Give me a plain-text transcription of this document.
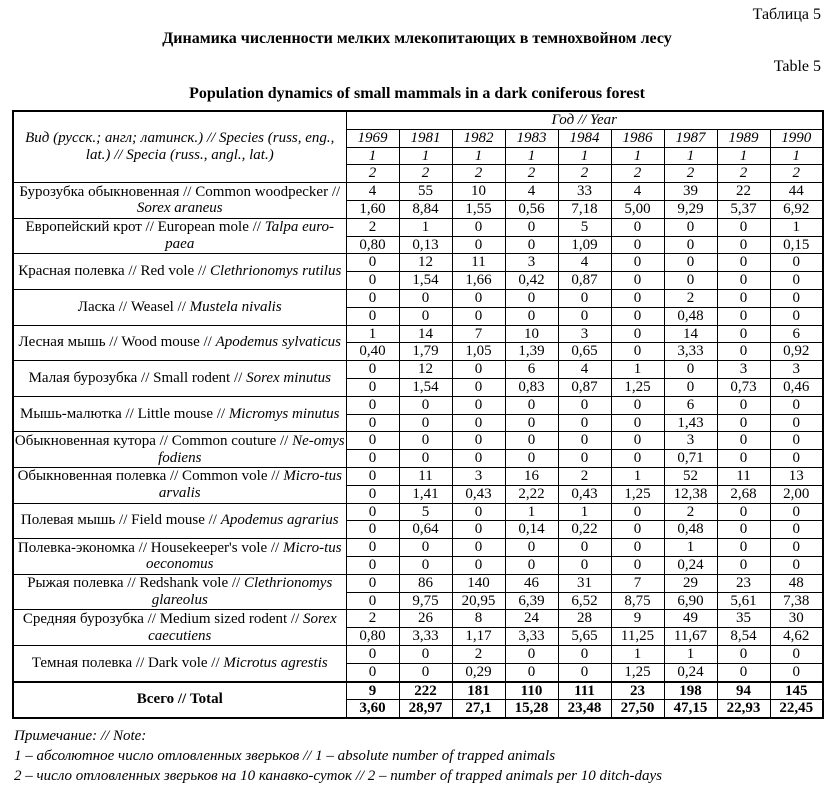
Таблица 5
Динамика численности мелких млекопитающих в темнохвойном лесу
Table 5
Population dynamics of small mammals in a dark coniferous forest
Вид (русск.; англ; латинск.) // Species (russ, eng., lat.) // Specia (russ., angl., lat.)	Год // Year								
	1969	1981	1982	1983	1984	1986	1987	1989	1990
	1	1	1	1	1	1	1	1	1
	2	2	2	2	2	2	2	2	2
Бурозубка обыкновенная // Common woodpecker // Sorex araneus	4	55	10	4	33	4	39	22	44
	1,60	8,84	1,55	0,56	7,18	5,00	9,29	5,37	6,92
Европейский крот // European mole // Talpa euro-paea	2	1	0	0	5	0	0	0	1
	0,80	0,13	0	0	1,09	0	0	0	0,15
Красная полевка // Red vole // Clethrionomys rutilus	0	12	11	3	4	0	0	0	0
	0	1,54	1,66	0,42	0,87	0	0	0	0
Ласка // Weasel // Mustela nivalis	0	0	0	0	0	0	2	0	0
	0	0	0	0	0	0	0,48	0	0
Лесная мышь // Wood mouse // Apodemus sylvaticus	1	14	7	10	3	0	14	0	6
	0,40	1,79	1,05	1,39	0,65	0	3,33	0	0,92
Малая бурозубка // Small rodent // Sorex minutus	0	12	0	6	4	1	0	3	3
	0	1,54	0	0,83	0,87	1,25	0	0,73	0,46
Мышь-малютка // Little mouse // Micromys minutus	0	0	0	0	0	0	6	0	0
	0	0	0	0	0	0	1,43	0	0
Обыкновенная кутора // Common couture // Ne-omys fodiens	0	0	0	0	0	0	3	0	0
	0	0	0	0	0	0	0,71	0	0
Обыкновенная полевка // Common vole // Micro-tus arvalis	0	11	3	16	2	1	52	11	13
	0	1,41	0,43	2,22	0,43	1,25	12,38	2,68	2,00
Полевая мышь // Field mouse // Apodemus agrarius	0	5	0	1	1	0	2	0	0
	0	0,64	0	0,14	0,22	0	0,48	0	0
Полевка-экономка // Housekeeper's vole // Micro-tus oeconomus	0	0	0	0	0	0	1	0	0
	0	0	0	0	0	0	0,24	0	0
Рыжая полевка // Redshank vole // Clethrionomys glareolus	0	86	140	46	31	7	29	23	48
	0	9,75	20,95	6,39	6,52	8,75	6,90	5,61	7,38
Средняя бурозубка // Medium sized rodent // Sorex caecutiens	2	26	8	24	28	9	49	35	30
	0,80	3,33	1,17	3,33	5,65	11,25	11,67	8,54	4,62
Темная полевка // Dark vole // Microtus agrestis	0	0	2	0	0	1	1	0	0
	0	0	0,29	0	0	1,25	0,24	0	0
Всего // Total	9	222	181	110	111	23	198	94	145
	3,60	28,97	27,1	15,28	23,48	27,50	47,15	22,93	22,45
Примечание: // Note:
1 – абсолютное число отловленных зверьков // 1 – absolute number of trapped animals
2 – число отловленных зверьков на 10 канавко-суток // 2 – number of trapped animals per 10 ditch-days
